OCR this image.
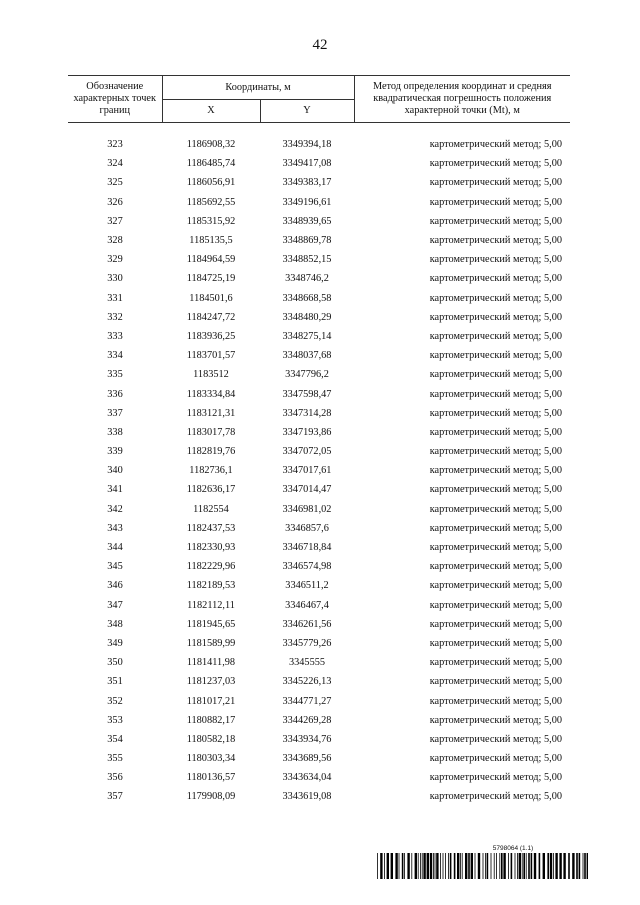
42
Обозначение характерных точек границ	Координаты, м		Метод определения координат и средняя квадратическая погрешность положения характерной точки (Mt), м
	X	Y	

323	1186908,32	3349394,18	картометрический метод; 5,00
324	1186485,74	3349417,08	картометрический метод; 5,00
325	1186056,91	3349383,17	картометрический метод; 5,00
326	1185692,55	3349196,61	картометрический метод; 5,00
327	1185315,92	3348939,65	картометрический метод; 5,00
328	1185135,5	3348869,78	картометрический метод; 5,00
329	1184964,59	3348852,15	картометрический метод; 5,00
330	1184725,19	3348746,2	картометрический метод; 5,00
331	1184501,6	3348668,58	картометрический метод; 5,00
332	1184247,72	3348480,29	картометрический метод; 5,00
333	1183936,25	3348275,14	картометрический метод; 5,00
334	1183701,57	3348037,68	картометрический метод; 5,00
335	1183512	3347796,2	картометрический метод; 5,00
336	1183334,84	3347598,47	картометрический метод; 5,00
337	1183121,31	3347314,28	картометрический метод; 5,00
338	1183017,78	3347193,86	картометрический метод; 5,00
339	1182819,76	3347072,05	картометрический метод; 5,00
340	1182736,1	3347017,61	картометрический метод; 5,00
341	1182636,17	3347014,47	картометрический метод; 5,00
342	1182554	3346981,02	картометрический метод; 5,00
343	1182437,53	3346857,6	картометрический метод; 5,00
344	1182330,93	3346718,84	картометрический метод; 5,00
345	1182229,96	3346574,98	картометрический метод; 5,00
346	1182189,53	3346511,2	картометрический метод; 5,00
347	1182112,11	3346467,4	картометрический метод; 5,00
348	1181945,65	3346261,56	картометрический метод; 5,00
349	1181589,99	3345779,26	картометрический метод; 5,00
350	1181411,98	3345555	картометрический метод; 5,00
351	1181237,03	3345226,13	картометрический метод; 5,00
352	1181017,21	3344771,27	картометрический метод; 5,00
353	1180882,17	3344269,28	картометрический метод; 5,00
354	1180582,18	3343934,76	картометрический метод; 5,00
355	1180303,34	3343689,56	картометрический метод; 5,00
356	1180136,57	3343634,04	картометрический метод; 5,00
357	1179908,09	3343619,08	картометрический метод; 5,00
5798064 (1.1)
